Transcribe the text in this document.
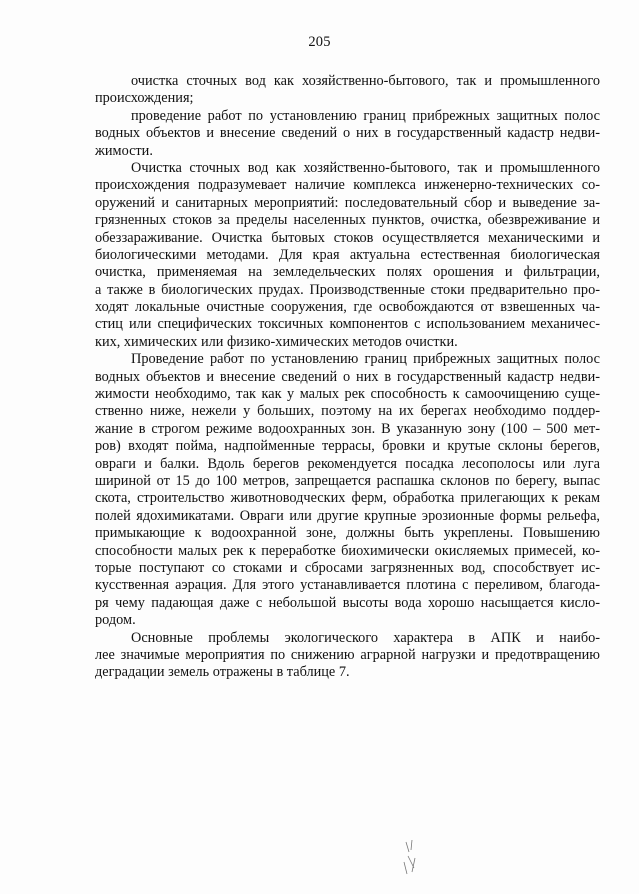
205
очистка сточных вод как хозяйственно-бытового, так и промышленного
происхождения;
проведение работ по установлению границ прибрежных защитных полос
водных объектов и внесение сведений о них в государственный кадастр недви-
жимости.
Очистка сточных вод как хозяйственно-бытового, так и промышленного
происхождения подразумевает наличие комплекса инженерно-технических со-
оружений и санитарных мероприятий: последовательный сбор и выведение за-
грязненных стоков за пределы населенных пунктов, очистка, обезвреживание и
обеззараживание. Очистка бытовых стоков осуществляется механическими и
биологическими методами. Для края актуальна естественная биологическая
очистка, применяемая на земледельческих полях орошения и фильтрации,
а также в биологических прудах. Производственные стоки предварительно про-
ходят локальные очистные сооружения, где освобождаются от взвешенных ча-
стиц или специфических токсичных компонентов с использованием механичес-
ких, химических или физико-химических методов очистки.
Проведение работ по установлению границ прибрежных защитных полос
водных объектов и внесение сведений о них в государственный кадастр недви-
жимости необходимо, так как у малых рек способность к самоочищению суще-
ственно ниже, нежели у больших, поэтому на их берегах необходимо поддер-
жание в строгом режиме водоохранных зон. В указанную зону (100 – 500 мет-
ров) входят пойма, надпойменные террасы, бровки и крутые склоны берегов,
овраги и балки. Вдоль берегов рекомендуется посадка лесополосы или луга
шириной от 15 до 100 метров, запрещается распашка склонов по берегу, выпас
скота, строительство животноводческих ферм, обработка прилегающих к рекам
полей ядохимикатами. Овраги или другие крупные эрозионные формы рельефа,
примыкающие к водоохранной зоне, должны быть укреплены. Повышению
способности малых рек к переработке биохимически окисляемых примесей, ко-
торые поступают со стоками и сбросами загрязненных вод, способствует ис-
кусственная аэрация. Для этого устанавливается плотина с переливом, благода-
ря чему падающая даже с небольшой высоты вода хорошо насыщается кисло-
родом.
Основные проблемы экологического характера в АПК и наибо-
лее значимые мероприятия по снижению аграрной нагрузки и предотвращению
деградации земель отражены в таблице 7.
